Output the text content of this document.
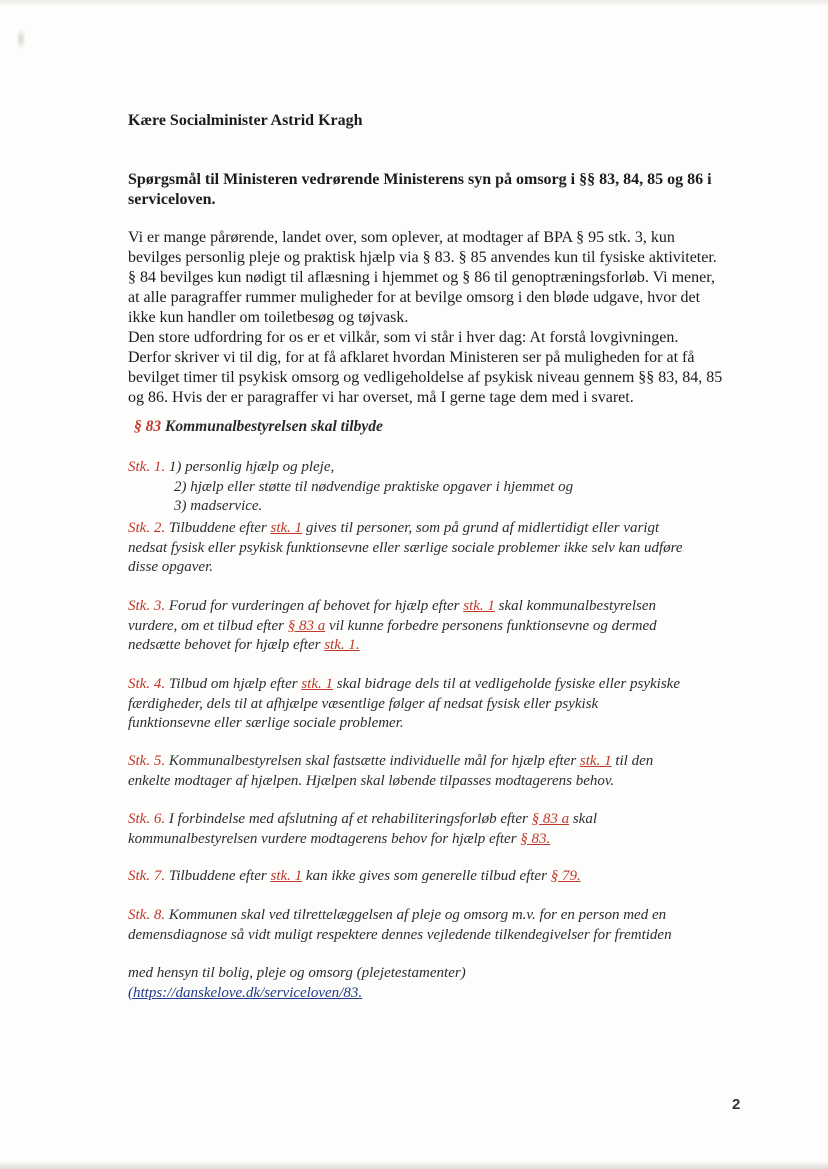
Kære Socialminister Astrid Kragh
Spørgsmål til Ministeren vedrørende Ministerens syn på omsorg i §§ 83, 84, 85 og 86 i serviceloven.

Vi er mange pårørende, landet over, som oplever, at modtager af BPA § 95 stk. 3, kun

bevilges personlig pleje og praktisk hjælp via § 83. § 85 anvendes kun til fysiske aktiviteter.

§ 84 bevilges kun nødigt til aflæsning i hjemmet og § 86 til genoptræningsforløb. Vi mener,

at alle paragraffer rummer muligheder for at bevilge omsorg i den bløde udgave, hvor det

ikke kun handler om toiletbesøg og tøjvask.

Den store udfordring for os er et vilkår, som vi står i hver dag: At forstå lovgivningen.

Derfor skriver vi til dig, for at få afklaret hvordan Ministeren ser på muligheden for at få

bevilget timer til psykisk omsorg og vedligeholdelse af psykisk niveau gennem §§ 83, 84, 85

og 86. Hvis der er paragraffer vi har overset, må I gerne tage dem med i svaret.

§ 83 Kommunalbestyrelsen skal tilbyde

Stk. 1. 1) personlig hjælp og pleje,

2) hjælp eller støtte til nødvendige praktiske opgaver i hjemmet og

3) madservice.

Stk. 2. Tilbuddene efter stk. 1 gives til personer, som på grund af midlertidigt eller varigt

nedsat fysisk eller psykisk funktionsevne eller særlige sociale problemer ikke selv kan udføre

disse opgaver.

Stk. 3. Forud for vurderingen af behovet for hjælp efter stk. 1 skal kommunalbestyrelsen

vurdere, om et tilbud efter § 83 a vil kunne forbedre personens funktionsevne og dermed

nedsætte behovet for hjælp efter stk. 1.

Stk. 4. Tilbud om hjælp efter stk. 1 skal bidrage dels til at vedligeholde fysiske eller psykiske

færdigheder, dels til at afhjælpe væsentlige følger af nedsat fysisk eller psykisk

funktionsevne eller særlige sociale problemer.

Stk. 5. Kommunalbestyrelsen skal fastsætte individuelle mål for hjælp efter stk. 1 til den

enkelte modtager af hjælpen. Hjælpen skal løbende tilpasses modtagerens behov.

Stk. 6. I forbindelse med afslutning af et rehabiliteringsforløb efter § 83 a skal

kommunalbestyrelsen vurdere modtagerens behov for hjælp efter § 83.

Stk. 7. Tilbuddene efter stk. 1 kan ikke gives som generelle tilbud efter § 79.

Stk. 8. Kommunen skal ved tilrettelæggelsen af pleje og omsorg m.v. for en person med en

demensdiagnose så vidt muligt respektere dennes vejledende tilkendegivelser for fremtiden

med hensyn til bolig, pleje og omsorg (plejetestamenter)

(https://danskelove.dk/serviceloven/83.

2
